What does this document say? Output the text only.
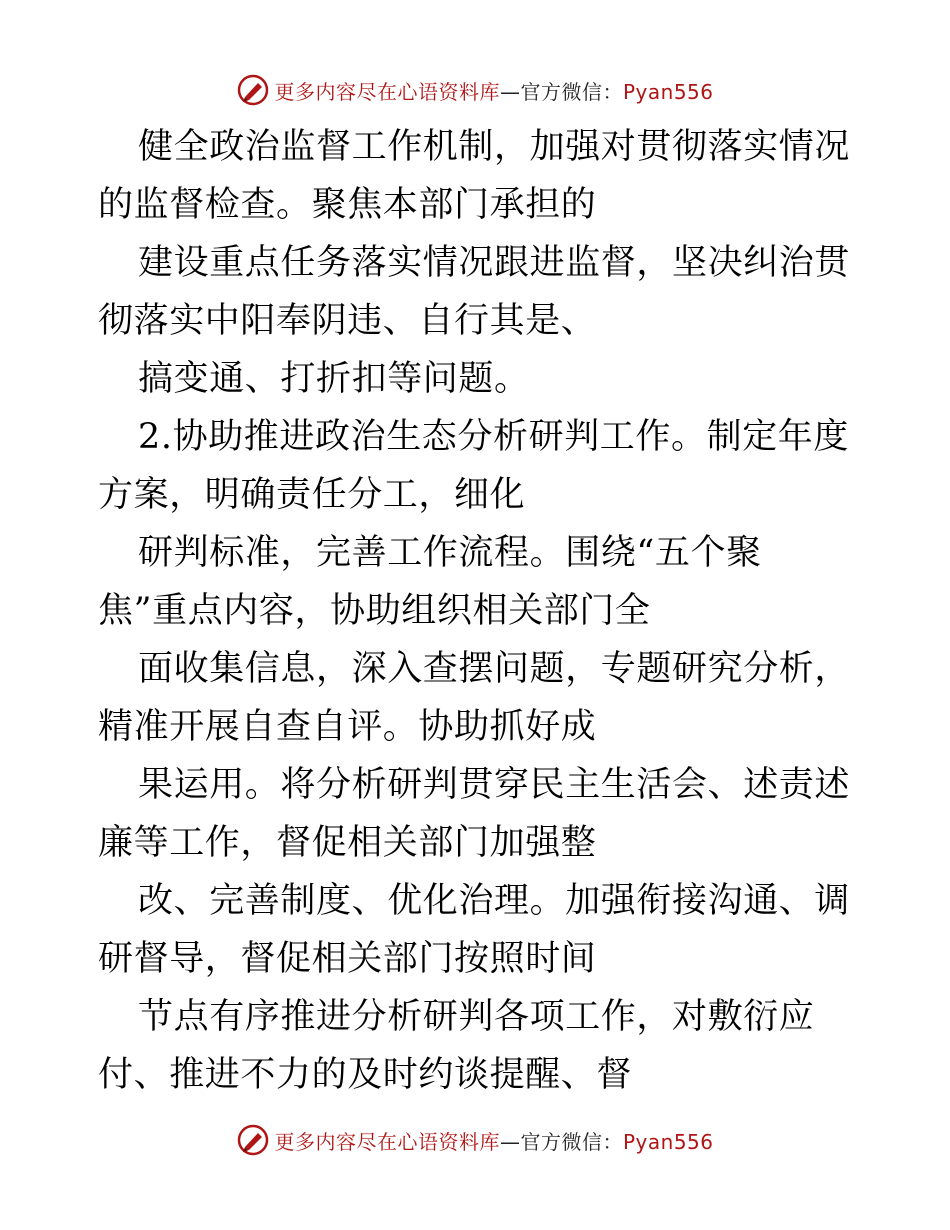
更多内容尽在心语资料库—官方微信：Pyan556

健全政治监督工作机制，加强对贯彻落实情况的监督检查。聚焦本部门承担的

建设重点任务落实情况跟进监督，坚决纠治贯彻落实中阳奉阴违、自行其是、

搞变通、打折扣等问题。

2.协助推进政治生态分析研判工作。制定年度方案，明确责任分工，细化

研判标准，完善工作流程。围绕“五个聚焦”重点内容，协助组织相关部门全

面收集信息，深入查摆问题，专题研究分析，精准开展自查自评。协助抓好成

果运用。将分析研判贯穿民主生活会、述责述廉等工作，督促相关部门加强整

改、完善制度、优化治理。加强衔接沟通、调研督导，督促相关部门按照时间

节点有序推进分析研判各项工作，对敷衍应付、推进不力的及时约谈提醒、督

更多内容尽在心语资料库—官方微信：Pyan556
